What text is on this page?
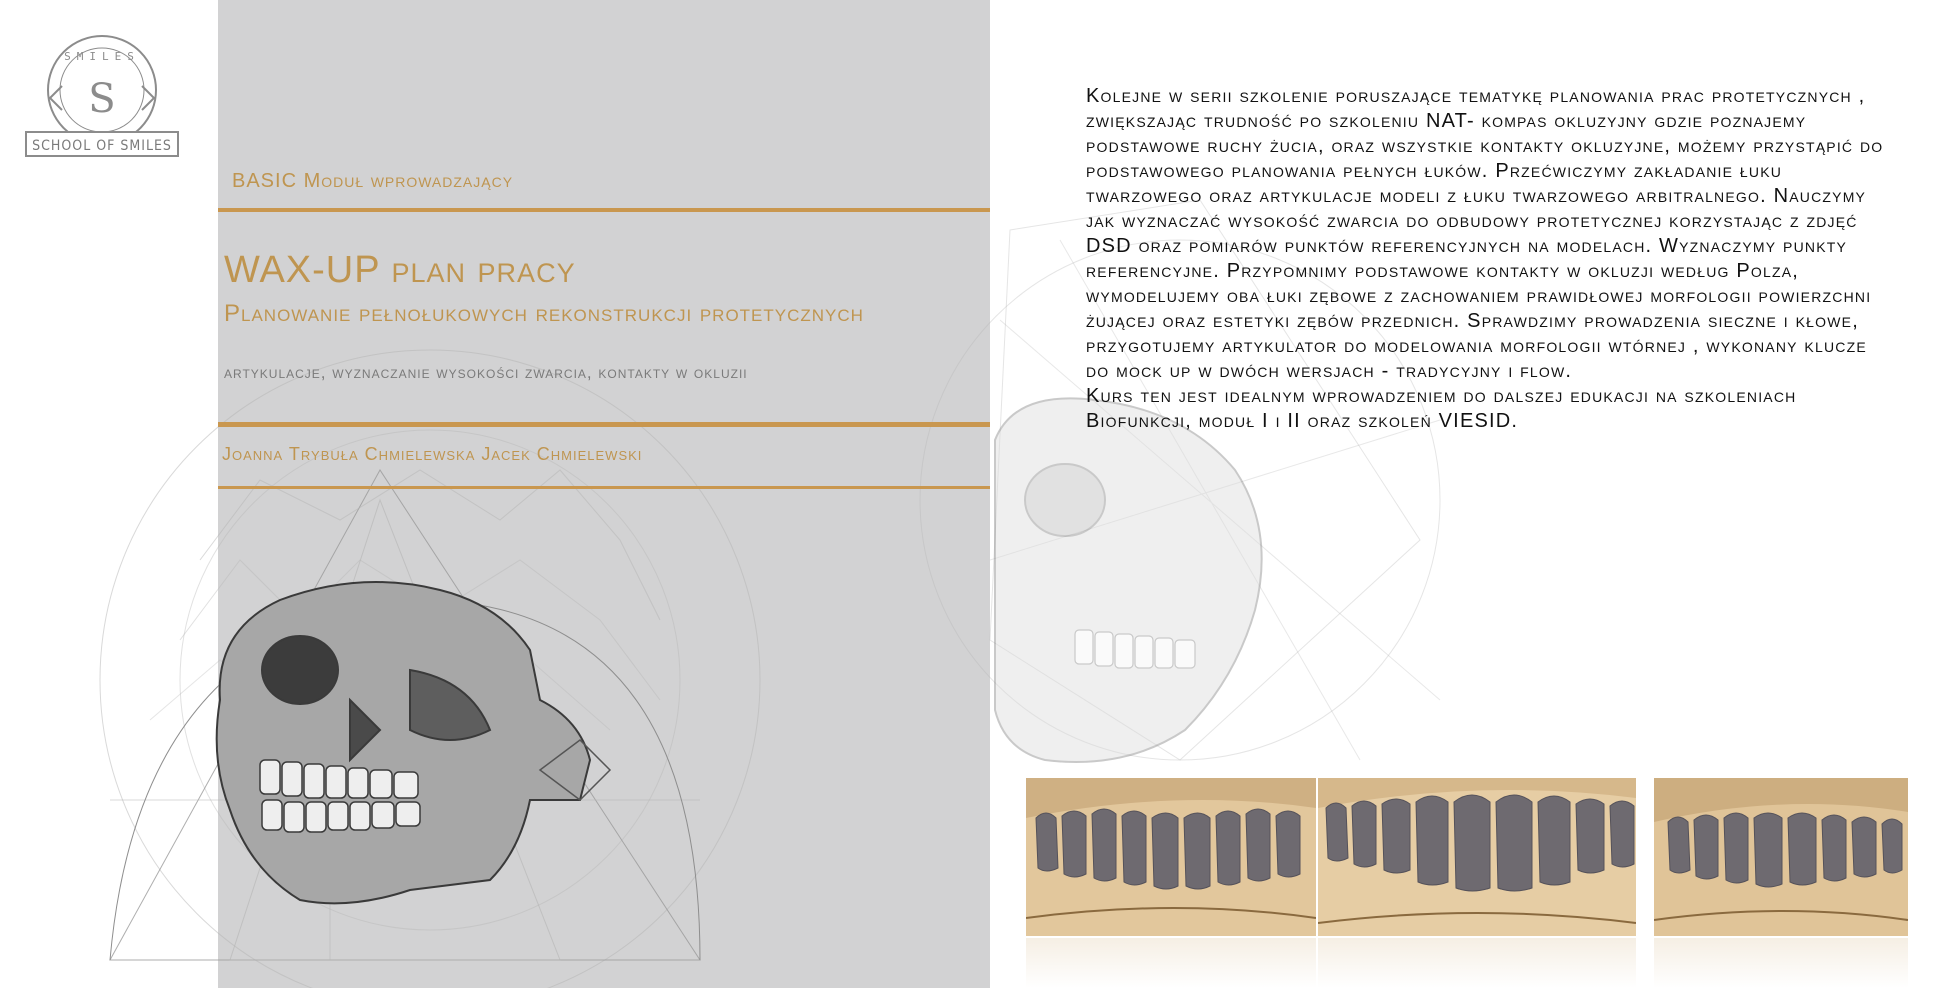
S
SMILES
SCHOOL OF SMILES
BASIC Moduł wprowadzający
WAX-UP plan pracy
Planowanie pełnołukowych rekonstrukcji protetycznych
artykulacje, wyznaczanie wysokości zwarcia, kontakty w okluzii
Joanna Trybuła Chmielewska Jacek Chmielewski

Kolejne w serii szkolenie poruszające tematykę planowania prac protetycznych , zwiększając trudność po szkoleniu NAT- kompas okluzyjny gdzie poznajemy podstawowe ruchy żucia, oraz wszystkie kontakty okluzyjne, możemy przystąpić do podstawowego planowania pełnych łuków. Przećwiczymy zakładanie łuku twarzowego oraz artykulacje modeli z łuku twarzowego arbitralnego. Nauczymy jak wyznaczać wysokość zwarcia do odbudowy protetycznej korzystając z zdjęć DSD oraz pomiarów punktów referencyjnych na modelach. Wyznaczymy punkty referencyjne. Przypomnimy podstawowe kontakty w okluzji według Polza, wymodelujemy oba łuki zębowe z zachowaniem prawidłowej morfologii powierzchni żującej oraz estetyki zębów przednich. Sprawdzimy prowadzenia sieczne i kłowe, przygotujemy artykulator do modelowania morfologii wtórnej , wykonany klucze do mock up w dwóch wersjach - tradycyjny i flow.

Kurs ten jest idealnym wprowadzeniem do dalszej edukacji na szkoleniach Biofunkcji, moduł I i II oraz szkoleń VIESID.
